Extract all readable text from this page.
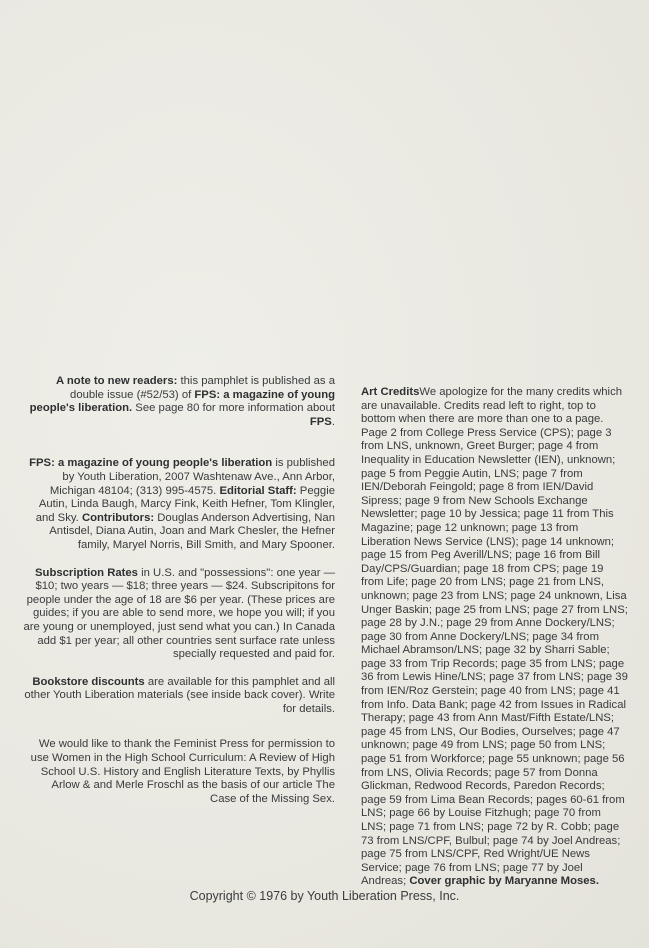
A note to new readers: this pamphlet is published as a double issue (#52/53) of FPS: a magazine of young people's liberation. See page 80 for more information about FPS.

FPS: a magazine of young people's liberation is published by Youth Liberation, 2007 Washtenaw Ave., Ann Arbor, Michigan 48104; (313) 995-4575. Editorial Staff: Peggie Autin, Linda Baugh, Marcy Fink, Keith Hefner, Tom Klingler, and Sky. Contributors: Douglas Anderson Advertising, Nan Antisdel, Diana Autin, Joan and Mark Chesler, the Hefner family, Maryel Norris, Bill Smith, and Mary Spooner.

Subscription Rates in U.S. and "possessions": one year — $10; two years — $18; three years — $24. Subscripitons for people under the age of 18 are $6 per year. (These prices are guides; if you are able to send more, we hope you will; if you are young or unemployed, just send what you can.) In Canada add $1 per year; all other countries sent surface rate unless specially requested and paid for.

Bookstore discounts are available for this pamphlet and all other Youth Liberation materials (see inside back cover). Write for details.

We would like to thank the Feminist Press for permission to use Women in the High School Curriculum: A Review of High School U.S. History and English Literature Texts, by Phyllis Arlow & and Merle Froschl as the basis of our article The Case of the Missing Sex.

Art CreditsWe apologize for the many credits which are unavailable. Credits read left to right, top to bottom when there are more than one to a page. Page 2 from College Press Service (CPS); page 3 from LNS, unknown, Greet Burger; page 4 from Inequality in Education Newsletter (IEN), unknown; page 5 from Peggie Autin, LNS; page 7 from IEN/Deborah Feingold; page 8 from IEN/David Sipress; page 9 from New Schools Exchange Newsletter; page 10 by Jessica; page 11 from This Magazine; page 12 unknown; page 13 from Liberation News Service (LNS); page 14 unknown; page 15 from Peg Averill/LNS; page 16 from Bill Day/CPS/Guardian; page 18 from CPS; page 19 from Life; page 20 from LNS; page 21 from LNS, unknown; page 23 from LNS; page 24 unknown, Lisa Unger Baskin; page 25 from LNS; page 27 from LNS; page 28 by J.N.; page 29 from Anne Dockery/LNS; page 30 from Anne Dockery/LNS; page 34 from Michael Abramson/LNS; page 32 by Sharri Sable; page 33 from Trip Records; page 35 from LNS; page 36 from Lewis Hine/LNS; page 37 from LNS; page 39 from IEN/Roz Gerstein; page 40 from LNS; page 41 from Info. Data Bank; page 42 from Issues in Radical Therapy; page 43 from Ann Mast/Fifth Estate/LNS; page 45 from LNS, Our Bodies, Ourselves; page 47 unknown; page 49 from LNS; page 50 from LNS; page 51 from Workforce; page 55 unknown; page 56 from LNS, Olivia Records; page 57 from Donna Glickman, Redwood Records, Paredon Records; page 59 from Lima Bean Records; pages 60-61 from LNS; page 66 by Louise Fitzhugh; page 70 from LNS; page 71 from LNS; page 72 by R. Cobb; page 73 from LNS/CPF, Bulbul; page 74 by Joel Andreas; page 75 from LNS/CPF, Red Wright/UE News Service; page 76 from LNS; page 77 by Joel Andreas; Cover graphic by Maryanne Moses.

Copyright © 1976 by Youth Liberation Press, Inc.
